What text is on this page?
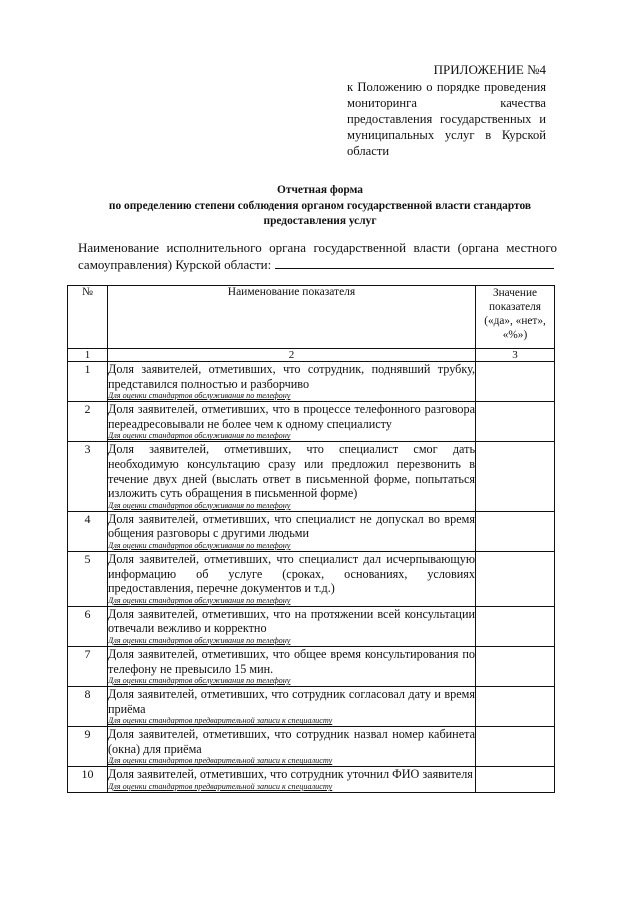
ПРИЛОЖЕНИЕ №4
к Положению о порядке проведения мониторинга качества предоставления государственных и муниципальных услуг в Курской области
Отчетная форма
по определению степени соблюдения органом государственной власти стандартов
предоставления услуг
Наименование исполнительного органа государственной власти (органа местного
самоуправления) Курской области:
№	Наименование показателя	Значение показателя («да», «нет», «%»)
1	2	3
1	Доля заявителей, отметивших, что сотрудник, поднявший трубку, представился полностью и разборчиво
Для оценки стандартов обслуживания по телефону	

2	Доля заявителей, отметивших, что в процессе телефонного разговора переадресовывали не более чем к одному специалисту
Для оценки стандартов обслуживания по телефону	

3	Доля заявителей, отметивших, что специалист смог дать необходимую консультацию сразу или предложил перезвонить в течение двух дней (выслать ответ в письменной форме, попытаться изложить суть обращения в письменной форме)
Для оценки стандартов обслуживания по телефону	

4	Доля заявителей, отметивших, что специалист не допускал во время общения разговоры с другими людьми
Для оценки стандартов обслуживания по телефону	

5	Доля заявителей, отметивших, что специалист дал исчерпывающую информацию об услуге (сроках, основаниях, условиях предоставления, перечне документов и т.д.)
Для оценки стандартов обслуживания по телефону	

6	Доля заявителей, отметивших, что на протяжении всей консультации отвечали вежливо и корректно
Для оценки стандартов обслуживания по телефону	

7	Доля заявителей, отметивших, что общее время консультирования по телефону не превысило 15 мин.
Для оценки стандартов обслуживания по телефону	

8	Доля заявителей, отметивших, что сотрудник согласовал дату и время приёма
Для оценки стандартов предварительной записи к специалисту	

9	Доля заявителей, отметивших, что сотрудник назвал номер кабинета (окна) для приёма
Для оценки стандартов предварительной записи к специалисту	

10	Доля заявителей, отметивших, что сотрудник уточнил ФИО заявителя
Для оценки стандартов предварительной записи к специалисту	
